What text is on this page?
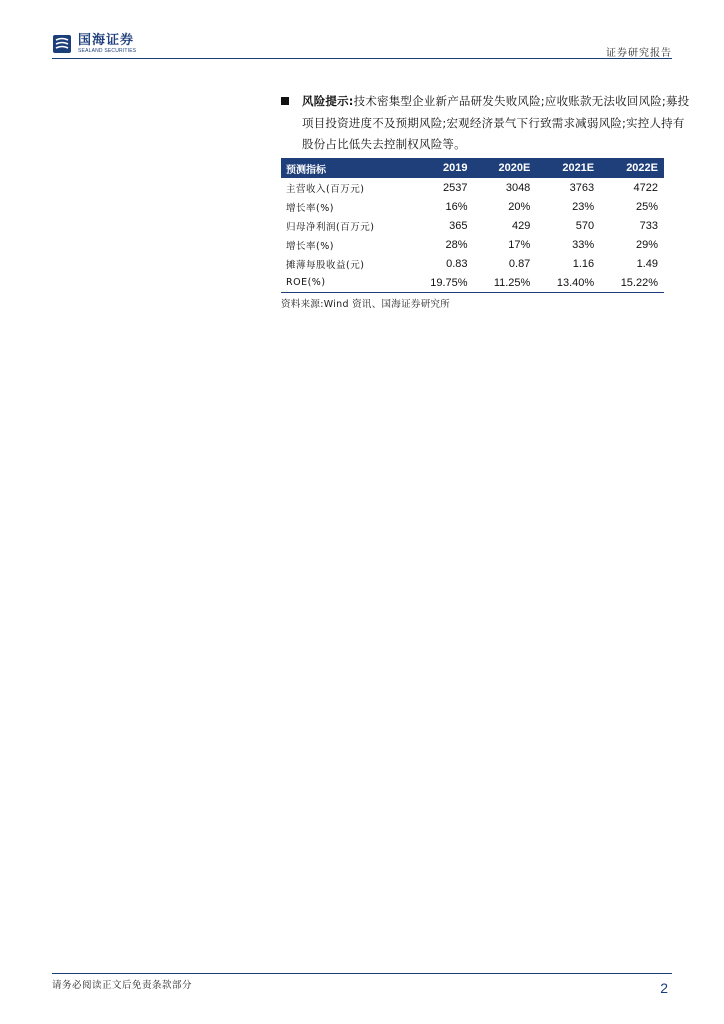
国海证券
SEALAND SECURITIES	证券研究报告
风险提示:技术密集型企业新产品研发失败风险;应收账款无法收回风险;募投项目投资进度不及预期风险;宏观经济景气下行致需求减弱风险;实控人持有股份占比低失去控制权风险等。
预测指标	2019	2020E	2021E	2022E
主营收入(百万元)	2537	3048	3763	4722
增长率(%)	16%	20%	23%	25%
归母净利润(百万元)	365	429	570	733
增长率(%)	28%	17%	33%	29%
摊薄每股收益(元)	0.83	0.87	1.16	1.49
ROE(%)	19.75%	11.25%	13.40%	15.22%
资料来源:Wind 资讯、国海证券研究所
请务必阅读正文后免责条款部分	2
